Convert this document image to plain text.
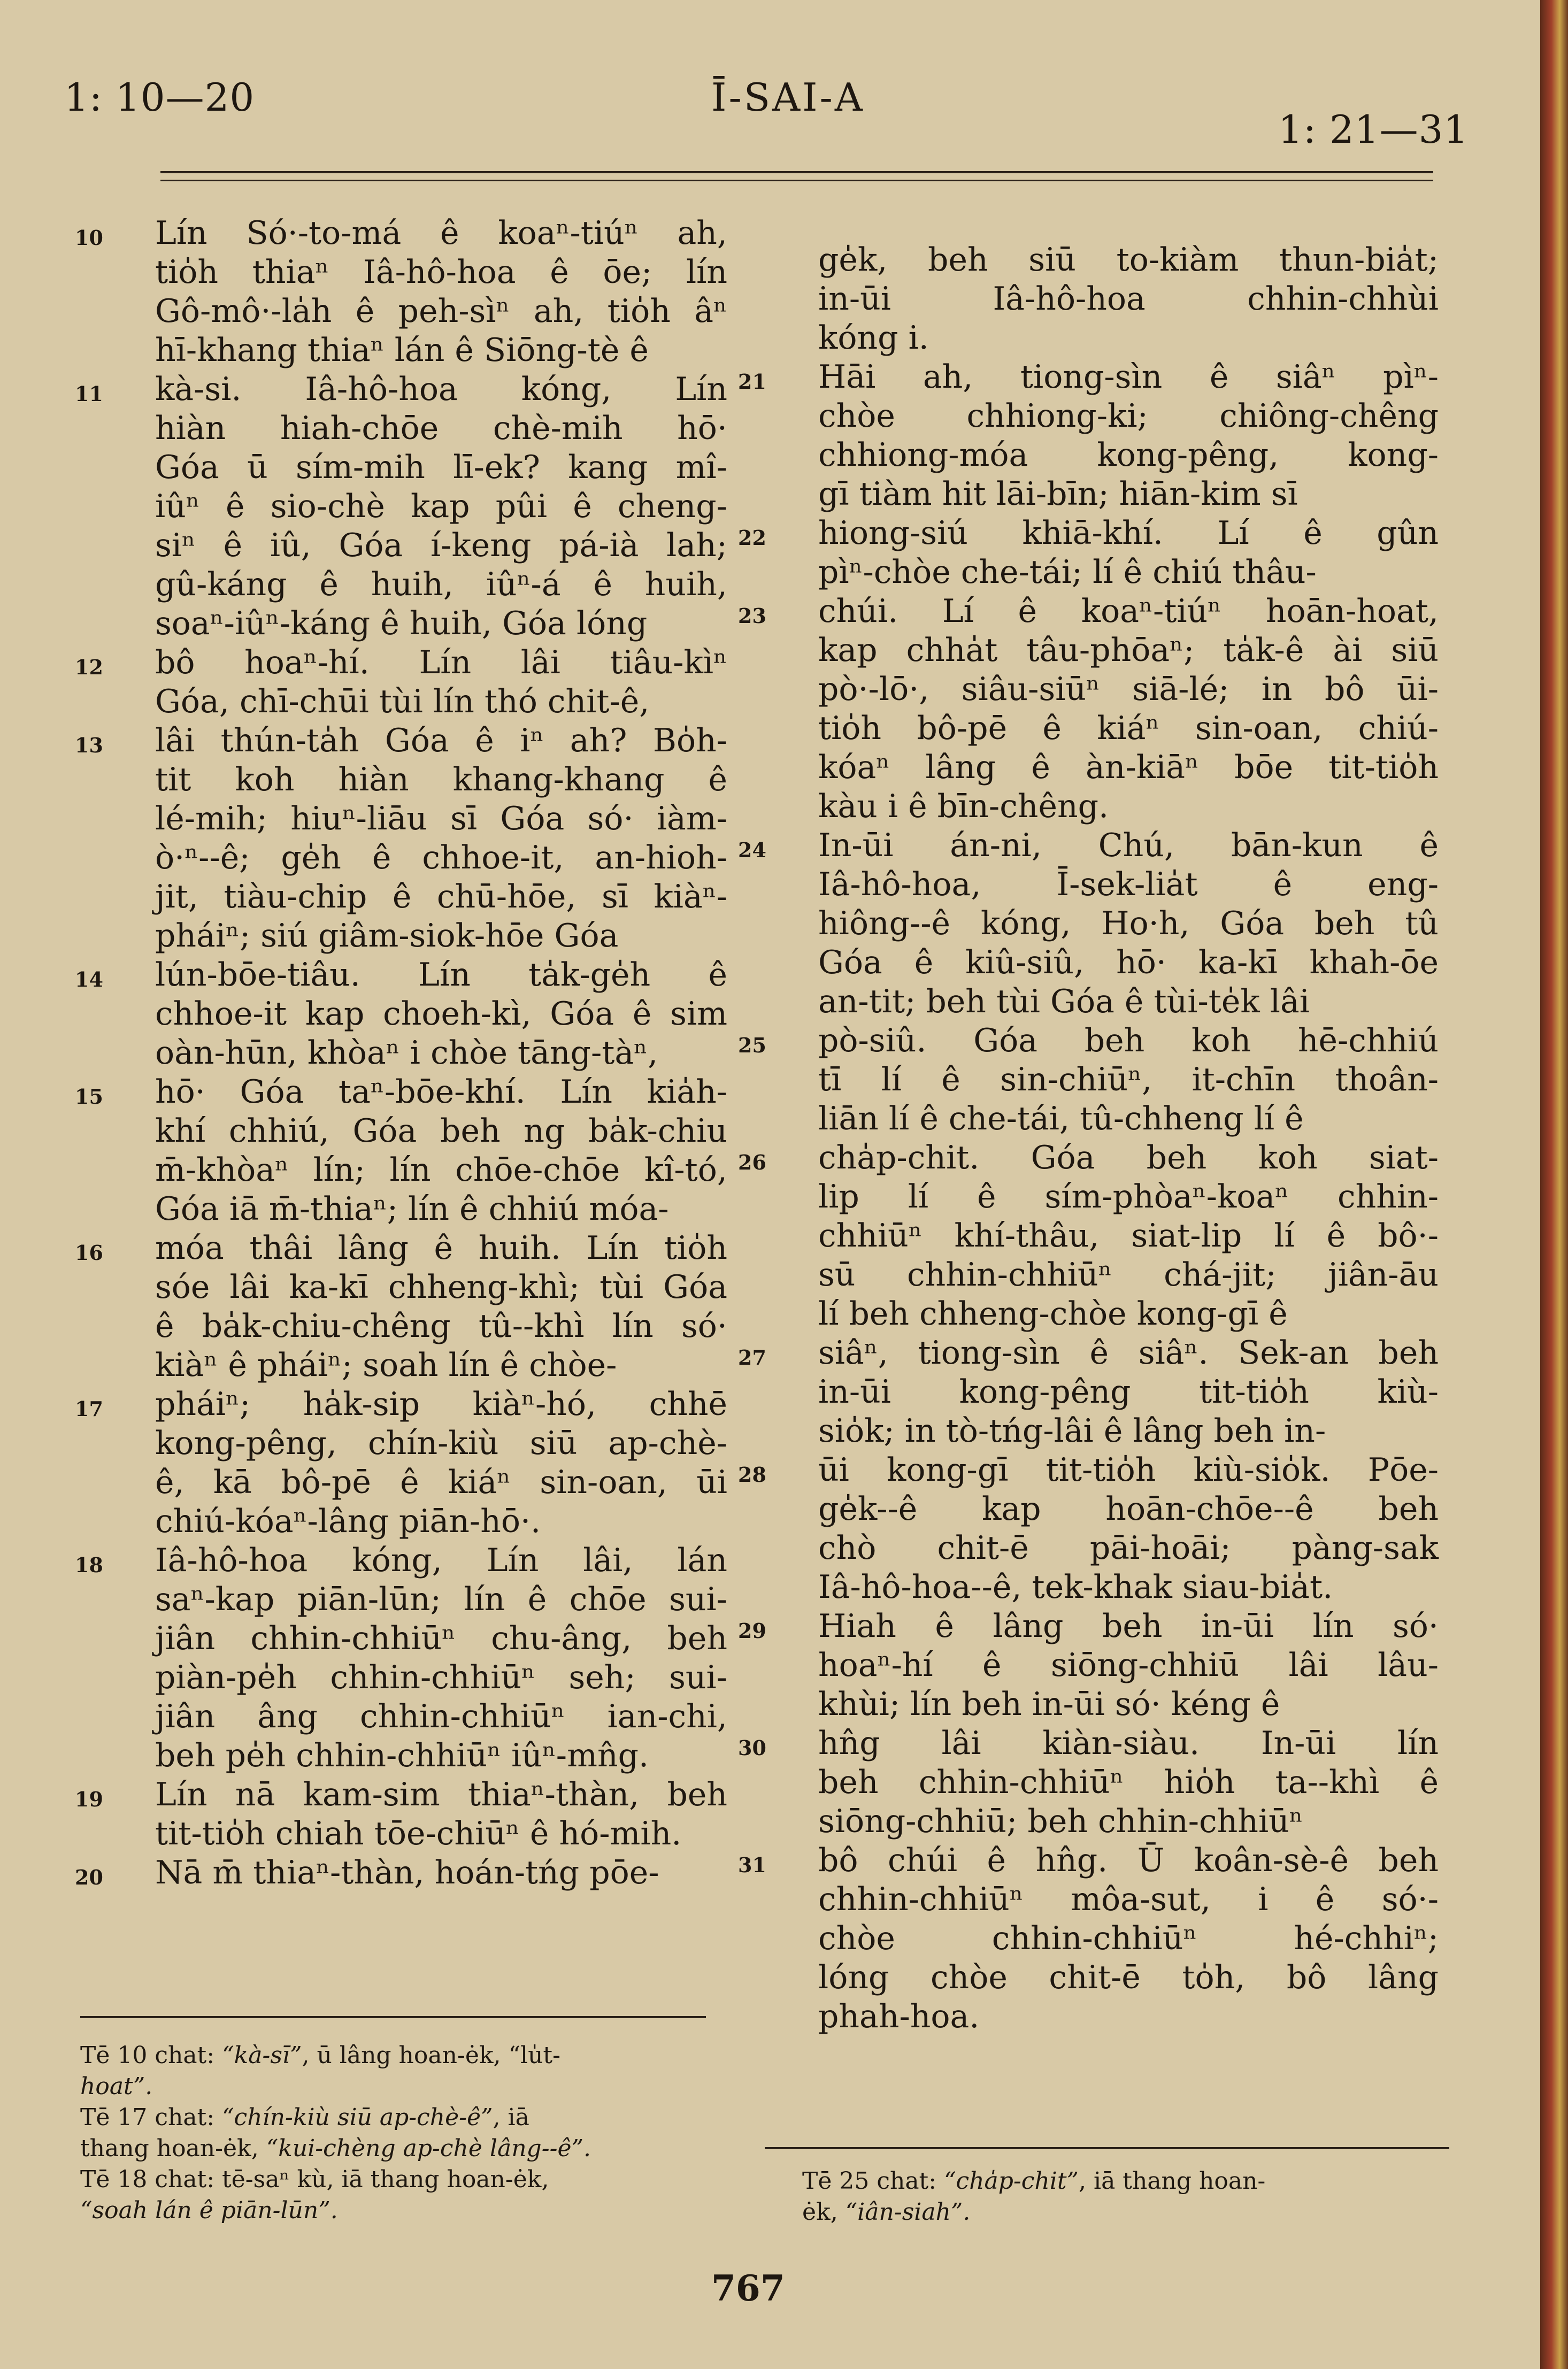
1: 10—20	Ī-SAI-A
1: 21—31
Lín Só·-to-má ê koaⁿ-tiúⁿ ah,
10
tio̍h thiaⁿ Iâ-hô-hoa ê ōe; lín
Gô-mô·-la̍h ê peh-sìⁿ ah, tio̍h âⁿ
hī-khang thiaⁿ lán ê Siōng-tè ê
kà-si. Iâ-hô-hoa kóng, Lín
11
hiàn hiah-chōe chè-mih hō·
Góa ū sím-mih lī-ek? kang mî-
iûⁿ ê sio-chè kap pûi ê cheng-
siⁿ ê iû, Góa í-keng pá-ià lah;
gû-káng ê huih, iûⁿ-á ê huih,
soaⁿ-iûⁿ-káng ê huih, Góa lóng
bô hoaⁿ-hí. Lín lâi tiâu-kìⁿ
12
Góa, chī-chūi tùi lín thó chit-ê,
lâi thún-ta̍h Góa ê iⁿ ah? Bo̍h-
13
tit koh hiàn khang-khang ê
lé-mih; hiuⁿ-liāu sī Góa só· iàm-
ò·ⁿ--ê; ge̍h ê chhoe-it, an-hioh-
jit, tiàu-chip ê chū-hōe, sī kiàⁿ-
pháiⁿ; siú giâm-siok-hōe Góa
lún-bōe-tiâu. Lín ta̍k-ge̍h ê
14
chhoe-it kap choeh-kì, Góa ê sim
oàn-hūn, khòaⁿ i chòe tāng-tàⁿ,
hō· Góa taⁿ-bōe-khí. Lín kia̍h-
15
khí chhiú, Góa beh ng ba̍k-chiu
m̄-khòaⁿ lín; lín chōe-chōe kî-tó,
Góa iā m̄-thiaⁿ; lín ê chhiú móa-
móa thâi lâng ê huih. Lín tio̍h
16
sóe lâi ka-kī chheng-khì; tùi Góa
ê ba̍k-chiu-chêng tû--khì lín só·
kiàⁿ ê pháiⁿ; soah lín ê chòe-
pháiⁿ; ha̍k-sip kiàⁿ-hó, chhē
17
kong-pêng, chín-kiù siū ap-chè-
ê, kā bô-pē ê kiáⁿ sin-oan, ūi
chiú-kóaⁿ-lâng piān-hō·.
Iâ-hô-hoa kóng, Lín lâi, lán
18
saⁿ-kap piān-lūn; lín ê chōe sui-
jiân chhin-chhiūⁿ chu-âng, beh
piàn-pe̍h chhin-chhiūⁿ seh; sui-
jiân âng chhin-chhiūⁿ ian-chi,
beh pe̍h chhin-chhiūⁿ iûⁿ-mn̂g.
Lín nā kam-sim thiaⁿ-thàn, beh
19
tit-tio̍h chiah tōe-chiūⁿ ê hó-mih.
Nā m̄ thiaⁿ-thàn, hoán-tńg pōe-
20
ge̍k, beh siū to-kiàm thun-bia̍t;
in-ūi Iâ-hô-hoa chhin-chhùi
kóng i.
Hāi ah, tiong-sìn ê siâⁿ pìⁿ-
21
chòe chhiong-ki; chiông-chêng
chhiong-móa kong-pêng, kong-
gī tiàm hit lāi-bīn; hiān-kim sī
hiong-siú khiā-khí. Lí ê gûn
22
pìⁿ-chòe che-tái; lí ê chiú thâu-
chúi. Lí ê koaⁿ-tiúⁿ hoān-hoat,
23
kap chha̍t tâu-phōaⁿ; ta̍k-ê ài siū
pò·-lō·, siâu-siūⁿ siā-lé; in bô ūi-
tio̍h bô-pē ê kiáⁿ sin-oan, chiú-
kóaⁿ lâng ê àn-kiāⁿ bōe tit-tio̍h
kàu i ê bīn-chêng.
In-ūi án-ni, Chú, bān-kun ê
24
Iâ-hô-hoa, Ī-sek-lia̍t ê eng-
hiông--ê kóng, Ho·h, Góa beh tû
Góa ê kiû-siû, hō· ka-kī khah-ōe
an-tit; beh tùi Góa ê tùi-te̍k lâi
pò-siû. Góa beh koh hē-chhiú
25
tī lí ê sin-chiūⁿ, it-chīn thoân-
liān lí ê che-tái, tû-chheng lí ê
cha̍p-chit. Góa beh koh siat-
26
lip lí ê sím-phòaⁿ-koaⁿ chhin-
chhiūⁿ khí-thâu, siat-lip lí ê bô·-
sū chhin-chhiūⁿ chá-jit; jiân-āu
lí beh chheng-chòe kong-gī ê
siâⁿ, tiong-sìn ê siâⁿ. Sek-an beh
27
in-ūi kong-pêng tit-tio̍h kiù-
sio̍k; in tò-tńg-lâi ê lâng beh in-
ūi kong-gī tit-tio̍h kiù-sio̍k. Pōe-
28
ge̍k--ê kap hoān-chōe--ê beh
chò chit-ē pāi-hoāi; pàng-sak
Iâ-hô-hoa--ê, tek-khak siau-bia̍t.
Hiah ê lâng beh in-ūi lín só·
29
hoaⁿ-hí ê siōng-chhiū lâi lâu-
khùi; lín beh in-ūi só· kéng ê
hn̂g lâi kiàn-siàu. In-ūi lín
30
beh chhin-chhiūⁿ hio̍h ta--khì ê
siōng-chhiū; beh chhin-chhiūⁿ
bô chúi ê hn̂g. Ū koân-sè-ê beh
31
chhin-chhiūⁿ môa-sut, i ê só·-
chòe chhin-chhiūⁿ hé-chhiⁿ;
lóng chòe chit-ē to̍h, bô lâng
phah-hoa.
Tē 10 chat: “kà-sī”, ū lâng hoan-ėk, “lu̍t-
hoat”.
Tē 17 chat: “chín-kiù siū ap-chè-ê”, iā
thang hoan-ėk, “kui-chèng ap-chè lâng--ê”.
Tē 18 chat: tē-saⁿ kù, iā thang hoan-ėk,
“soah lán ê piān-lūn”.
Tē 25 chat: “cha̍p-chit”, iā thang hoan-
ėk, “iân-siah”.
767
